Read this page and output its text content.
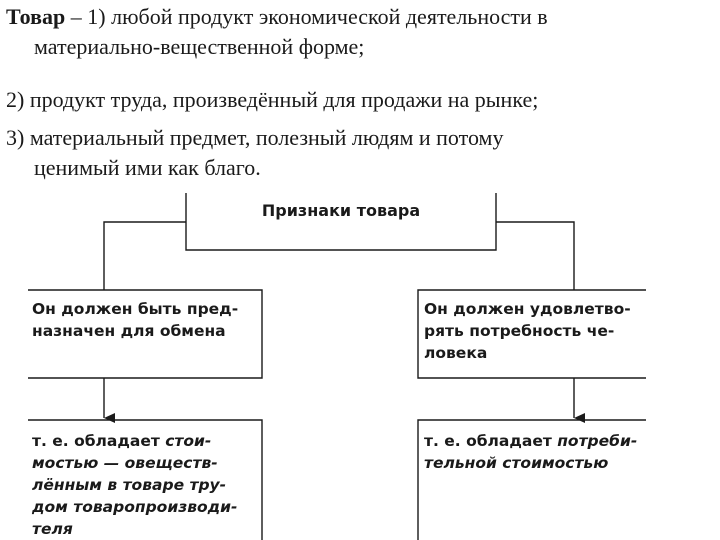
Товар – 1) любой продукт экономической деятельности в
материально-вещественной форме;
2) продукт труда, произведённый для продажи на рынке;
3) материальный предмет, полезный людям и потому
ценимый ими как благо.
Признаки товара
Он должен быть пред-
назначен для обмена
Он должен удовлетво-
рять потребность че-
ловека
т. е. обладает стои-
мостью — овеществ-
лённым в товаре тру-
дом товаропроизводи-
теля
т. е. обладает потреби-
тельной стоимостью
